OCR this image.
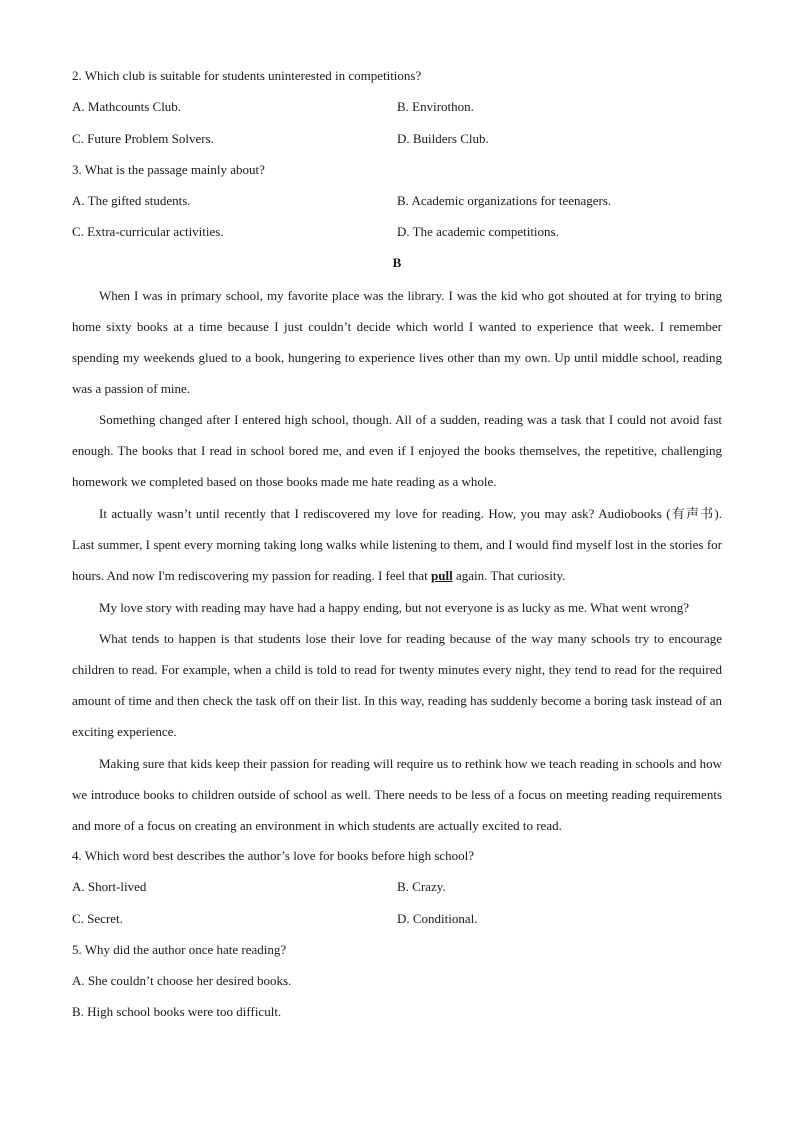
2. Which club is suitable for students uninterested in competitions?
A. Mathcounts Club.	B. Envirothon.
C. Future Problem Solvers.	D. Builders Club.
3. What is the passage mainly about?
A. The gifted students.	B. Academic organizations for teenagers.
C. Extra-curricular activities.	D. The academic competitions.
B

When I was in primary school, my favorite place was the library. I was the kid who got shouted at for trying to bring home sixty books at a time because I just couldn’t decide which world I wanted to experience that week. I remember spending my weekends glued to a book, hungering to experience lives other than my own. Up until middle school, reading was a passion of mine.

Something changed after I entered high school, though. All of a sudden, reading was a task that I could not avoid fast enough. The books that I read in school bored me, and even if I enjoyed the books themselves, the repetitive, challenging homework we completed based on those books made me hate reading as a whole.

It actually wasn’t until recently that I rediscovered my love for reading. How, you may ask? Audiobooks (有声书). Last summer, I spent every morning taking long walks while listening to them, and I would find myself lost in the stories for hours. And now I'm rediscovering my passion for reading. I feel that pull again. That curiosity.

My love story with reading may have had a happy ending, but not everyone is as lucky as me. What went wrong?

What tends to happen is that students lose their love for reading because of the way many schools try to encourage children to read. For example, when a child is told to read for twenty minutes every night, they tend to read for the required amount of time and then check the task off on their list. In this way, reading has suddenly become a boring task instead of an exciting experience.

Making sure that kids keep their passion for reading will require us to rethink how we teach reading in schools and how we introduce books to children outside of school as well. There needs to be less of a focus on meeting reading requirements and more of a focus on creating an environment in which students are actually excited to read.

4. Which word best describes the author’s love for books before high school?
A. Short-lived	B. Crazy.
C. Secret.	D. Conditional.
5. Why did the author once hate reading?
A. She couldn’t choose her desired books.
B. High school books were too difficult.
